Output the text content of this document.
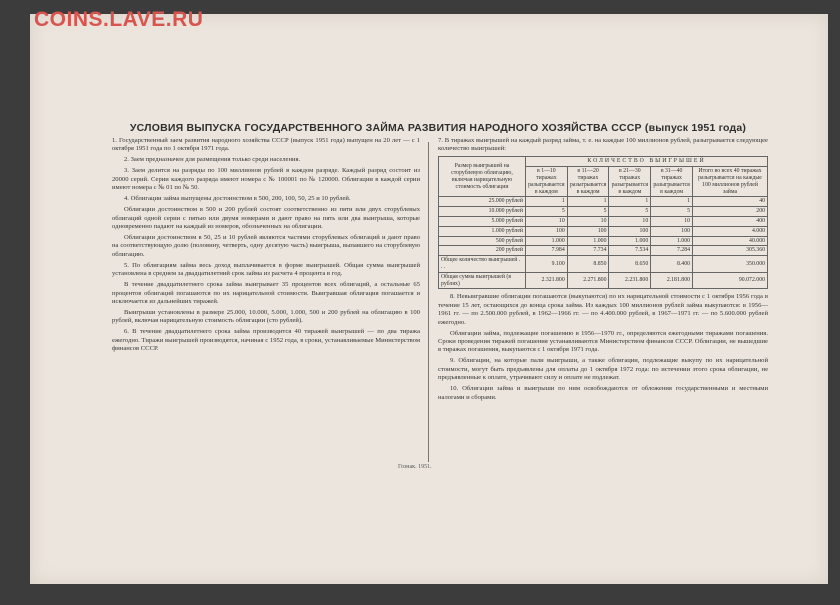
COINS.LAVE.RU
УСЛОВИЯ ВЫПУСКА ГОСУДАРСТВЕННОГО ЗАЙМА РАЗВИТИЯ НАРОДНОГО ХОЗЯЙСТВА СССР (выпуск 1951 года)

1. Государственный заем развития народного хозяйства СССР (выпуск 1951 года) выпущен на 20 лет — с 1 октября 1951 года по 1 октября 1971 года.

2. Заем предназначен для размещения только среди населения.

3. Заем делится на разряды по 100 миллионов рублей в каждом разряде. Каждый разряд состоит из 20000 серий. Серии каждого разряда имеют номера с № 100001 по № 120000. Облигации в каждой серии имеют номера с № 01 по № 50.

4. Облигации займа выпущены достоинством в 500, 200, 100, 50, 25 и 10 рублей.

Облигации достоинством в 500 и 200 рублей состоят соответственно из пяти или двух сторублевых облигаций одной серии с пятью или двумя номерами и дают право на пять или два выигрыша, которые одновременно падают на каждый из номеров, обозначенных на облигации.

Облигации достоинством в 50, 25 и 10 рублей являются частями сторублевых облигаций и дают право на соответствующую долю (половину, четверть, одну десятую часть) выигрыша, выпавшего на сторублевую облигацию.

5. По облигациям займа весь доход выплачивается в форме выигрышей. Общая сумма выигрышей установлена в среднем за двадцатилетний срок займа из расчета 4 процента в год.

В течение двадцатилетнего срока займа выигрывает 35 процентов всех облигаций, а остальные 65 процентов облигаций погашаются по их нарицательной стоимости. Выигравшая облигация погашается и исключается из дальнейших тиражей.

Выигрыши установлены в размере 25.000, 10.000, 5.000, 1.000, 500 и 200 рублей на облигацию в 100 рублей, включая нарицательную стоимость облигации (сто рублей).

6. В течение двадцатилетнего срока займа производится 40 тиражей выигрышей — по два тиража ежегодно. Тиражи выигрышей производятся, начиная с 1952 года, в сроки, устанавливаемые Министерством финансов СССР.

7. В тиражах выигрышей на каждый разряд займа, т. е. на каждые 100 миллионов рублей, разыгрывается следующее количество выигрышей:

Размер выигрышей на сторублевую облигацию, включая нарицательную стоимость облигации	КОЛИЧЕСТВО ВЫИГРЫШЕЙ				
	в 1—10 тиражах разыгрывается в каждом	в 11—20 тиражах разыгрывается в каждом	в 21—30 тиражах разыгрывается в каждом	в 31—40 тиражах разыгрывается в каждом	Итого во всех 40 тиражах разыгрывается на каждые 100 миллионов рублей займа
25.000 рублей	1	1	1	1	40
10.000 рублей	5	5	5	5	200
5.000 рублей	10	10	10	10	400
1.000 рублей	100	100	100	100	4.000
500 рублей	1.000	1.000	1.000	1.000	40.000
200 рублей	7.984	7.734	7.534	7.284	305.360
Общее количество выигрышей . . .	9.100	8.850	8.650	8.400	350.000
Общая сумма выигрышей (в рублях)	2.321.800	2.271.800	2.231.800	2.181.800	90.072.000

8. Невыигравшие облигации погашаются (выкупаются) по их нарицательной стоимости с 1 октября 1956 года в течение 15 лет, остающихся до конца срока займа. Из каждых 100 миллионов рублей займа выкупаются: в 1956—1961 гг. — по 2.500.000 рублей, в 1962—1966 гг. — по 4.400.000 рублей, в 1967—1971 гг. — по 5.600.000 рублей ежегодно.

Облигации займа, подлежащие погашению в 1956—1970 гг., определяются ежегодными тиражами погашения. Сроки проведения тиражей погашения устанавливаются Министерством финансов СССР. Облигации, не вышедшие в тиражах погашения, выкупаются с 1 октября 1971 года.

9. Облигации, на которые пали выигрыши, а также облигации, подлежащие выкупу по их нарицательной стоимости, могут быть предъявлены для оплаты до 1 октября 1972 года: по истечении этого срока облигации, не предъявленные к оплате, утрачивают силу и оплате не подлежат.

10. Облигации займа и выигрыши по ним освобождаются от обложения государственными и местными налогами и сборами.

Гознак. 1951.
